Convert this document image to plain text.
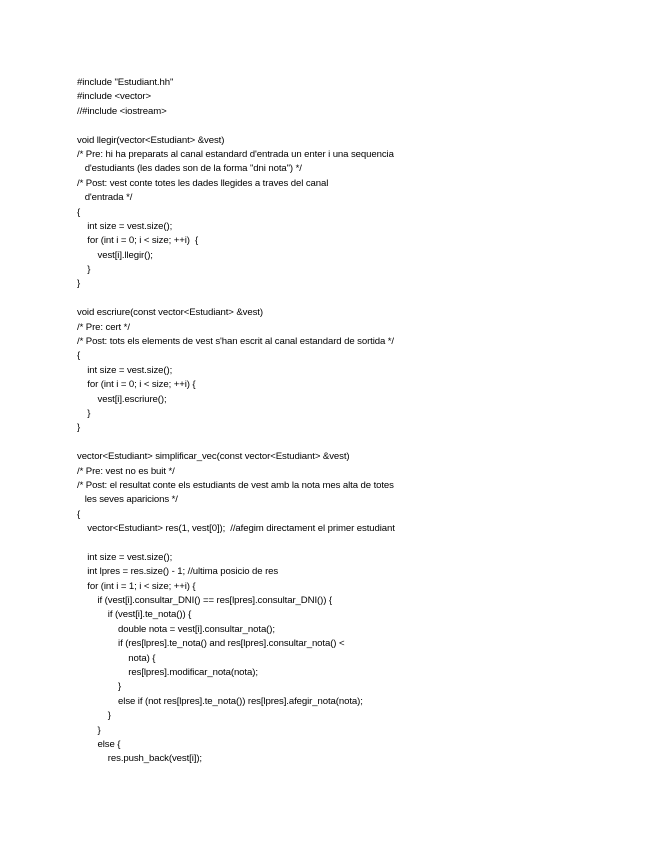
#include "Estudiant.hh"
#include <vector>
//#include <iostream>
void llegir(vector<Estudiant> &vest)
/* Pre: hi ha preparats al canal estandard d'entrada un enter i una sequencia
d'estudiants (les dades son de la forma "dni nota") */
/* Post: vest conte totes les dades llegides a traves del canal
d'entrada */
{
int size = vest.size();
for (int i = 0; i < size; ++i)  {
vest[i].llegir();
}
}
void escriure(const vector<Estudiant> &vest)
/* Pre: cert */
/* Post: tots els elements de vest s'han escrit al canal estandard de sortida */
{
int size = vest.size();
for (int i = 0; i < size; ++i) {
vest[i].escriure();
}
}
vector<Estudiant> simplificar_vec(const vector<Estudiant> &vest)
/* Pre: vest no es buit */
/* Post: el resultat conte els estudiants de vest amb la nota mes alta de totes
les seves aparicions */
{
vector<Estudiant> res(1, vest[0]);  //afegim directament el primer estudiant
int size = vest.size();
int lpres = res.size() - 1; //ultima posicio de res
for (int i = 1; i < size; ++i) {
if (vest[i].consultar_DNI() == res[lpres].consultar_DNI()) {
if (vest[i].te_nota()) {
double nota = vest[i].consultar_nota();
if (res[lpres].te_nota() and res[lpres].consultar_nota() <
nota) {
res[lpres].modificar_nota(nota);
}
else if (not res[lpres].te_nota()) res[lpres].afegir_nota(nota);
}
}
else {
res.push_back(vest[i]);
